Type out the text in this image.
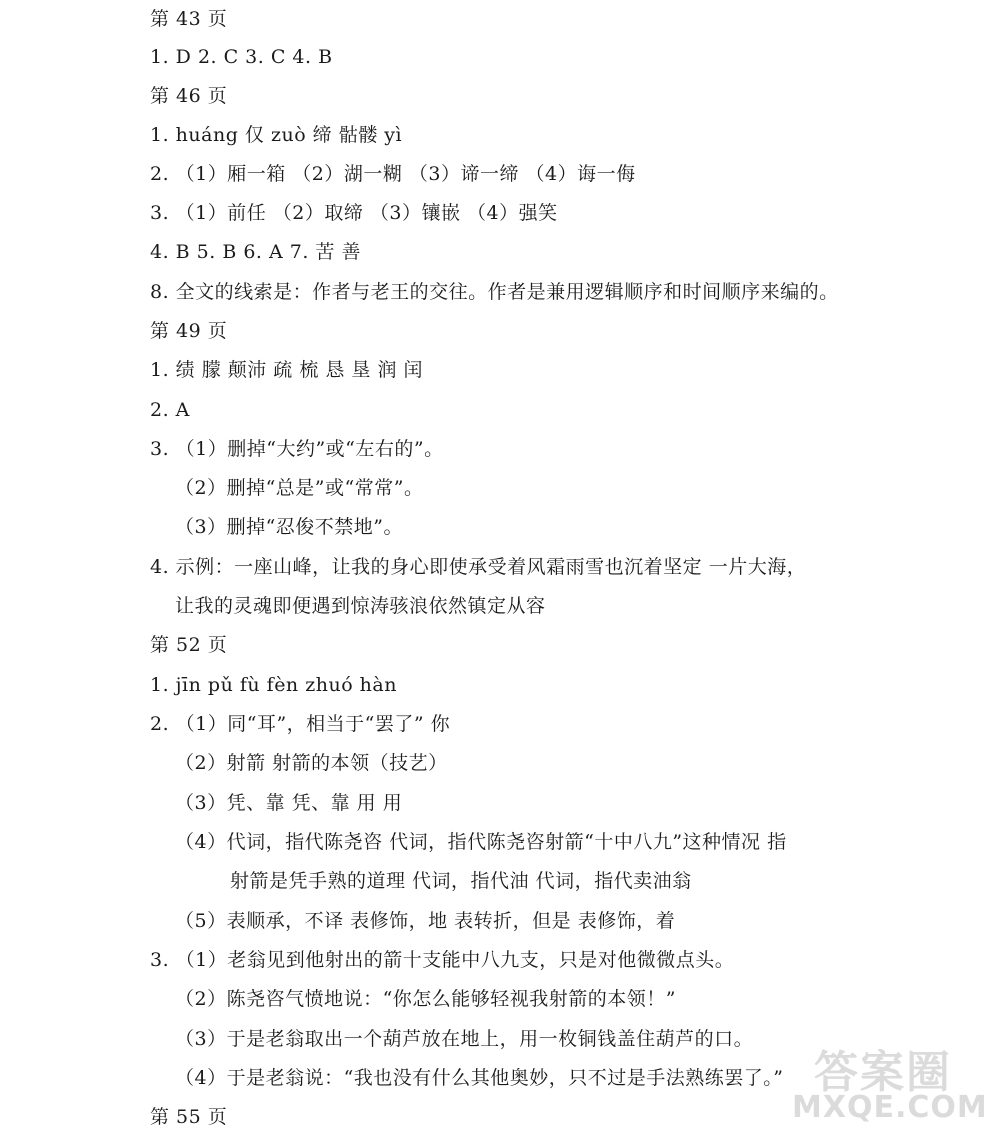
第 43 页
1. D 2. C 3. C 4. B
第 46 页
1. huáng 仅 zuò 缔 骷髅 yì
2. （1）厢一箱 （2）湖一糊 （3）谛一缔 （4）诲一侮
3. （1）前任 （2）取缔 （3）镶嵌 （4）强笑
4. B 5. B 6. A 7. 苦 善
8. 全文的线索是：作者与老王的交往。作者是兼用逻辑顺序和时间顺序来编的。
第 49 页
1. 绩 朦 颠沛 疏 梳 恳 垦 润 闰
2. A
3. （1）删掉“大约”或“左右的”。
（2）删掉“总是”或“常常”。
（3）删掉“忍俊不禁地”。
4. 示例：一座山峰，让我的身心即使承受着风霜雨雪也沉着坚定 一片大海，
让我的灵魂即便遇到惊涛骇浪依然镇定从容
第 52 页
1. jīn pǔ fù fèn zhuó hàn
2. （1）同“耳”，相当于“罢了” 你
（2）射箭 射箭的本领（技艺）
（3）凭、靠 凭、靠 用 用
（4）代词，指代陈尧咨 代词，指代陈尧咨射箭“十中八九”这种情况 指
射箭是凭手熟的道理 代词，指代油 代词，指代卖油翁
（5）表顺承，不译 表修饰，地 表转折，但是 表修饰，着
3. （1）老翁见到他射出的箭十支能中八九支，只是对他微微点头。
（2）陈尧咨气愤地说：“你怎么能够轻视我射箭的本领！”
（3）于是老翁取出一个葫芦放在地上，用一枚铜钱盖住葫芦的口。
（4）于是老翁说：“我也没有什么其他奥妙，只不过是手法熟练罢了。”
第 55 页
答案圈
MXQE.COM
